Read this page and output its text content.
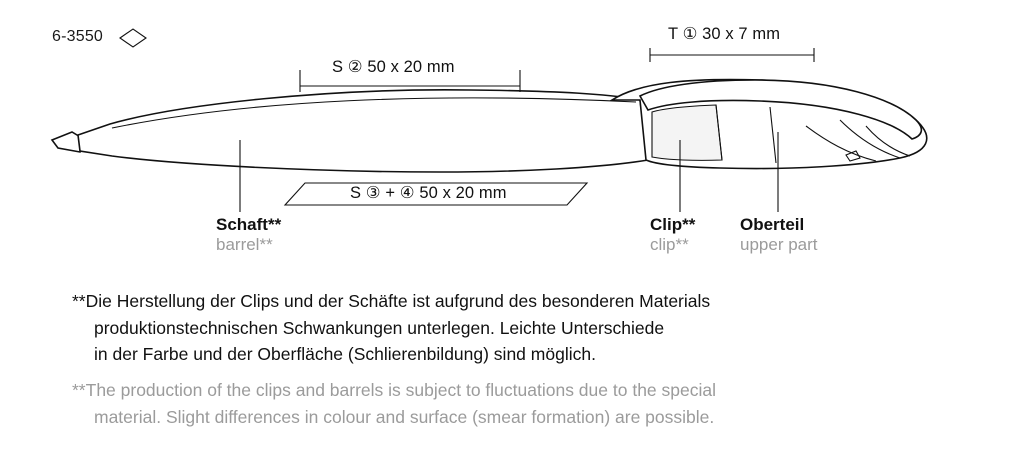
6-3550	T ① 30 x 7 mm
S ② 50 x 20 mm
S ③ + ④ 50 x 20 mm
Schaft**
barrel**
Clip**
clip**
Oberteil
upper part
**Die Herstellung der Clips und der Schäfte ist aufgrund des besonderen Materials
produktionstechnischen Schwankungen unterlegen. Leichte Unterschiede
in der Farbe und der Oberfläche (Schlierenbildung) sind möglich.
**The production of the clips and barrels is subject to fluctuations due to the special
material. Slight differences in colour and surface (smear formation) are possible.
